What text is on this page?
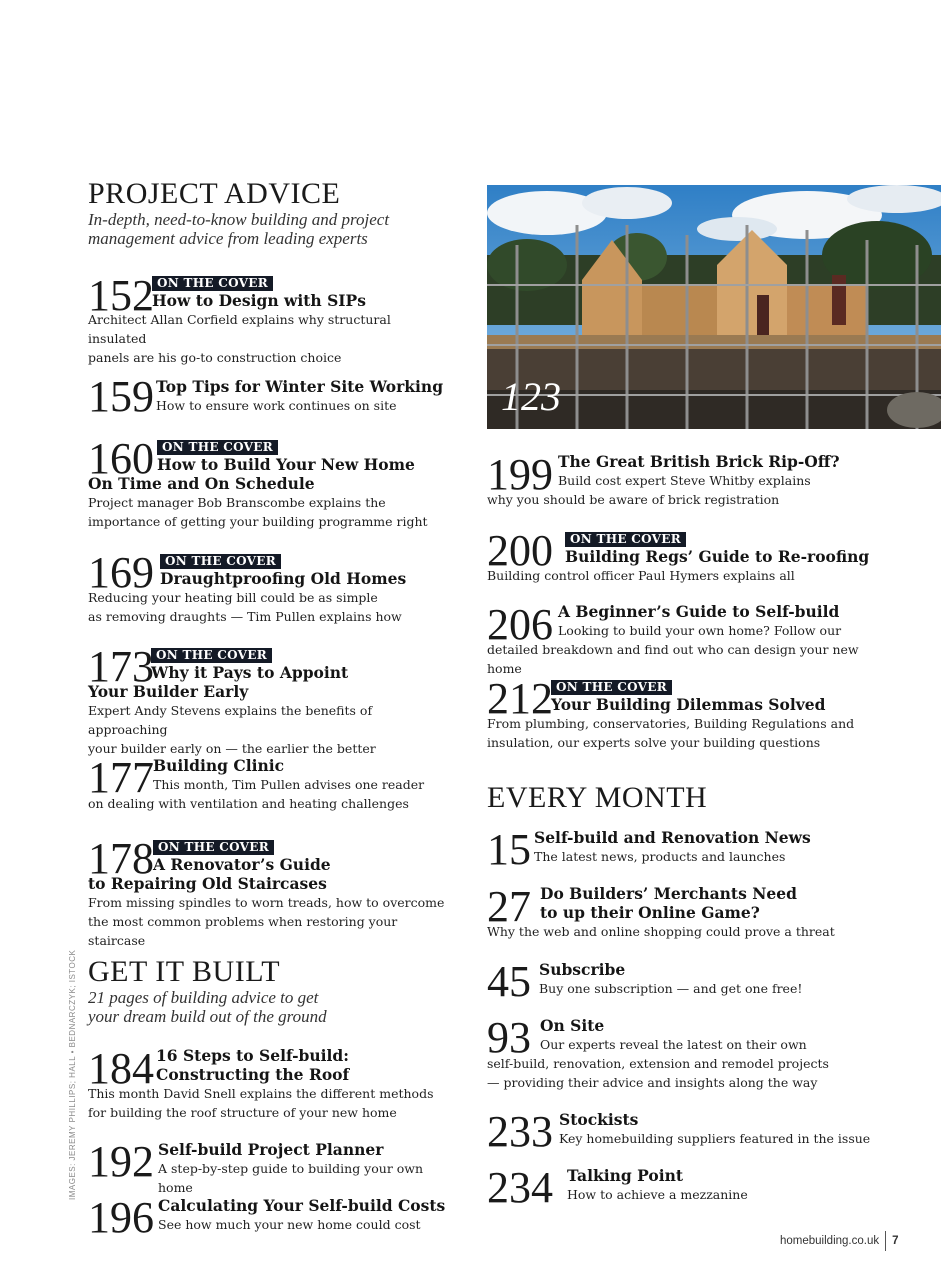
PROJECT ADVICE

In-depth, need-to-know building and project

management advice from leading experts

152 ON THE COVER

How to Design with SIPs

Architect Allan Corfield explains why structural insulated

panels are his go-to construction choice

159 Top Tips for Winter Site Working

How to ensure work continues on site

160 ON THE COVER

How to Build Your New Home

On Time and On Schedule

Project manager Bob Branscombe explains the

importance of getting your building programme right

169 ON THE COVER

Draughtproofing Old Homes

Reducing your heating bill could be as simple

as removing draughts — Tim Pullen explains how

173 ON THE COVER

Why it Pays to Appoint

Your Builder Early

Expert Andy Stevens explains the benefits of approaching

your builder early on — the earlier the better

177 Building Clinic

This month, Tim Pullen advises one reader

on dealing with ventilation and heating challenges

178 ON THE COVER

A Renovator’s Guide

to Repairing Old Staircases

From missing spindles to worn treads, how to overcome

the most common problems when restoring your staircase

GET IT BUILT

21 pages of building advice to get

your dream build out of the ground

184 16 Steps to Self-build:

Constructing the Roof

This month David Snell explains the different methods

for building the roof structure of your new home

192 Self-build Project Planner

A step-by-step guide to building your own home

196 Calculating Your Self-build Costs

See how much your new home could cost

123
199 The Great British Brick Rip-Off?

Build cost expert Steve Whitby explains

why you should be aware of brick registration

200	ON THE COVER

Building Regs’ Guide to Re-roofing

Building control officer Paul Hymers explains all

206 A Beginner’s Guide to Self-build

Looking to build your own home? Follow our

detailed breakdown and find out who can design your new home

212 ON THE COVER

Your Building Dilemmas Solved

From plumbing, conservatories, Building Regulations and

insulation, our experts solve your building questions

EVERY MONTH
15 Self-build and Renovation News

The latest news, products and launches

27 Do Builders’ Merchants Need

to up their Online Game?

Why the web and online shopping could prove a threat

45 Subscribe

Buy one subscription — and get one free!

93 On Site

Our experts reveal the latest on their own

self-build, renovation, extension and remodel projects

— providing their advice and insights along the way

233 Stockists

Key homebuilding suppliers featured in the issue

234 Talking Point

How to achieve a mezzanine

IMAGES: JEREMY PHILLIPS; HALL • BEDNARCZYK; ISTOCK
homebuilding.co.uk 7
